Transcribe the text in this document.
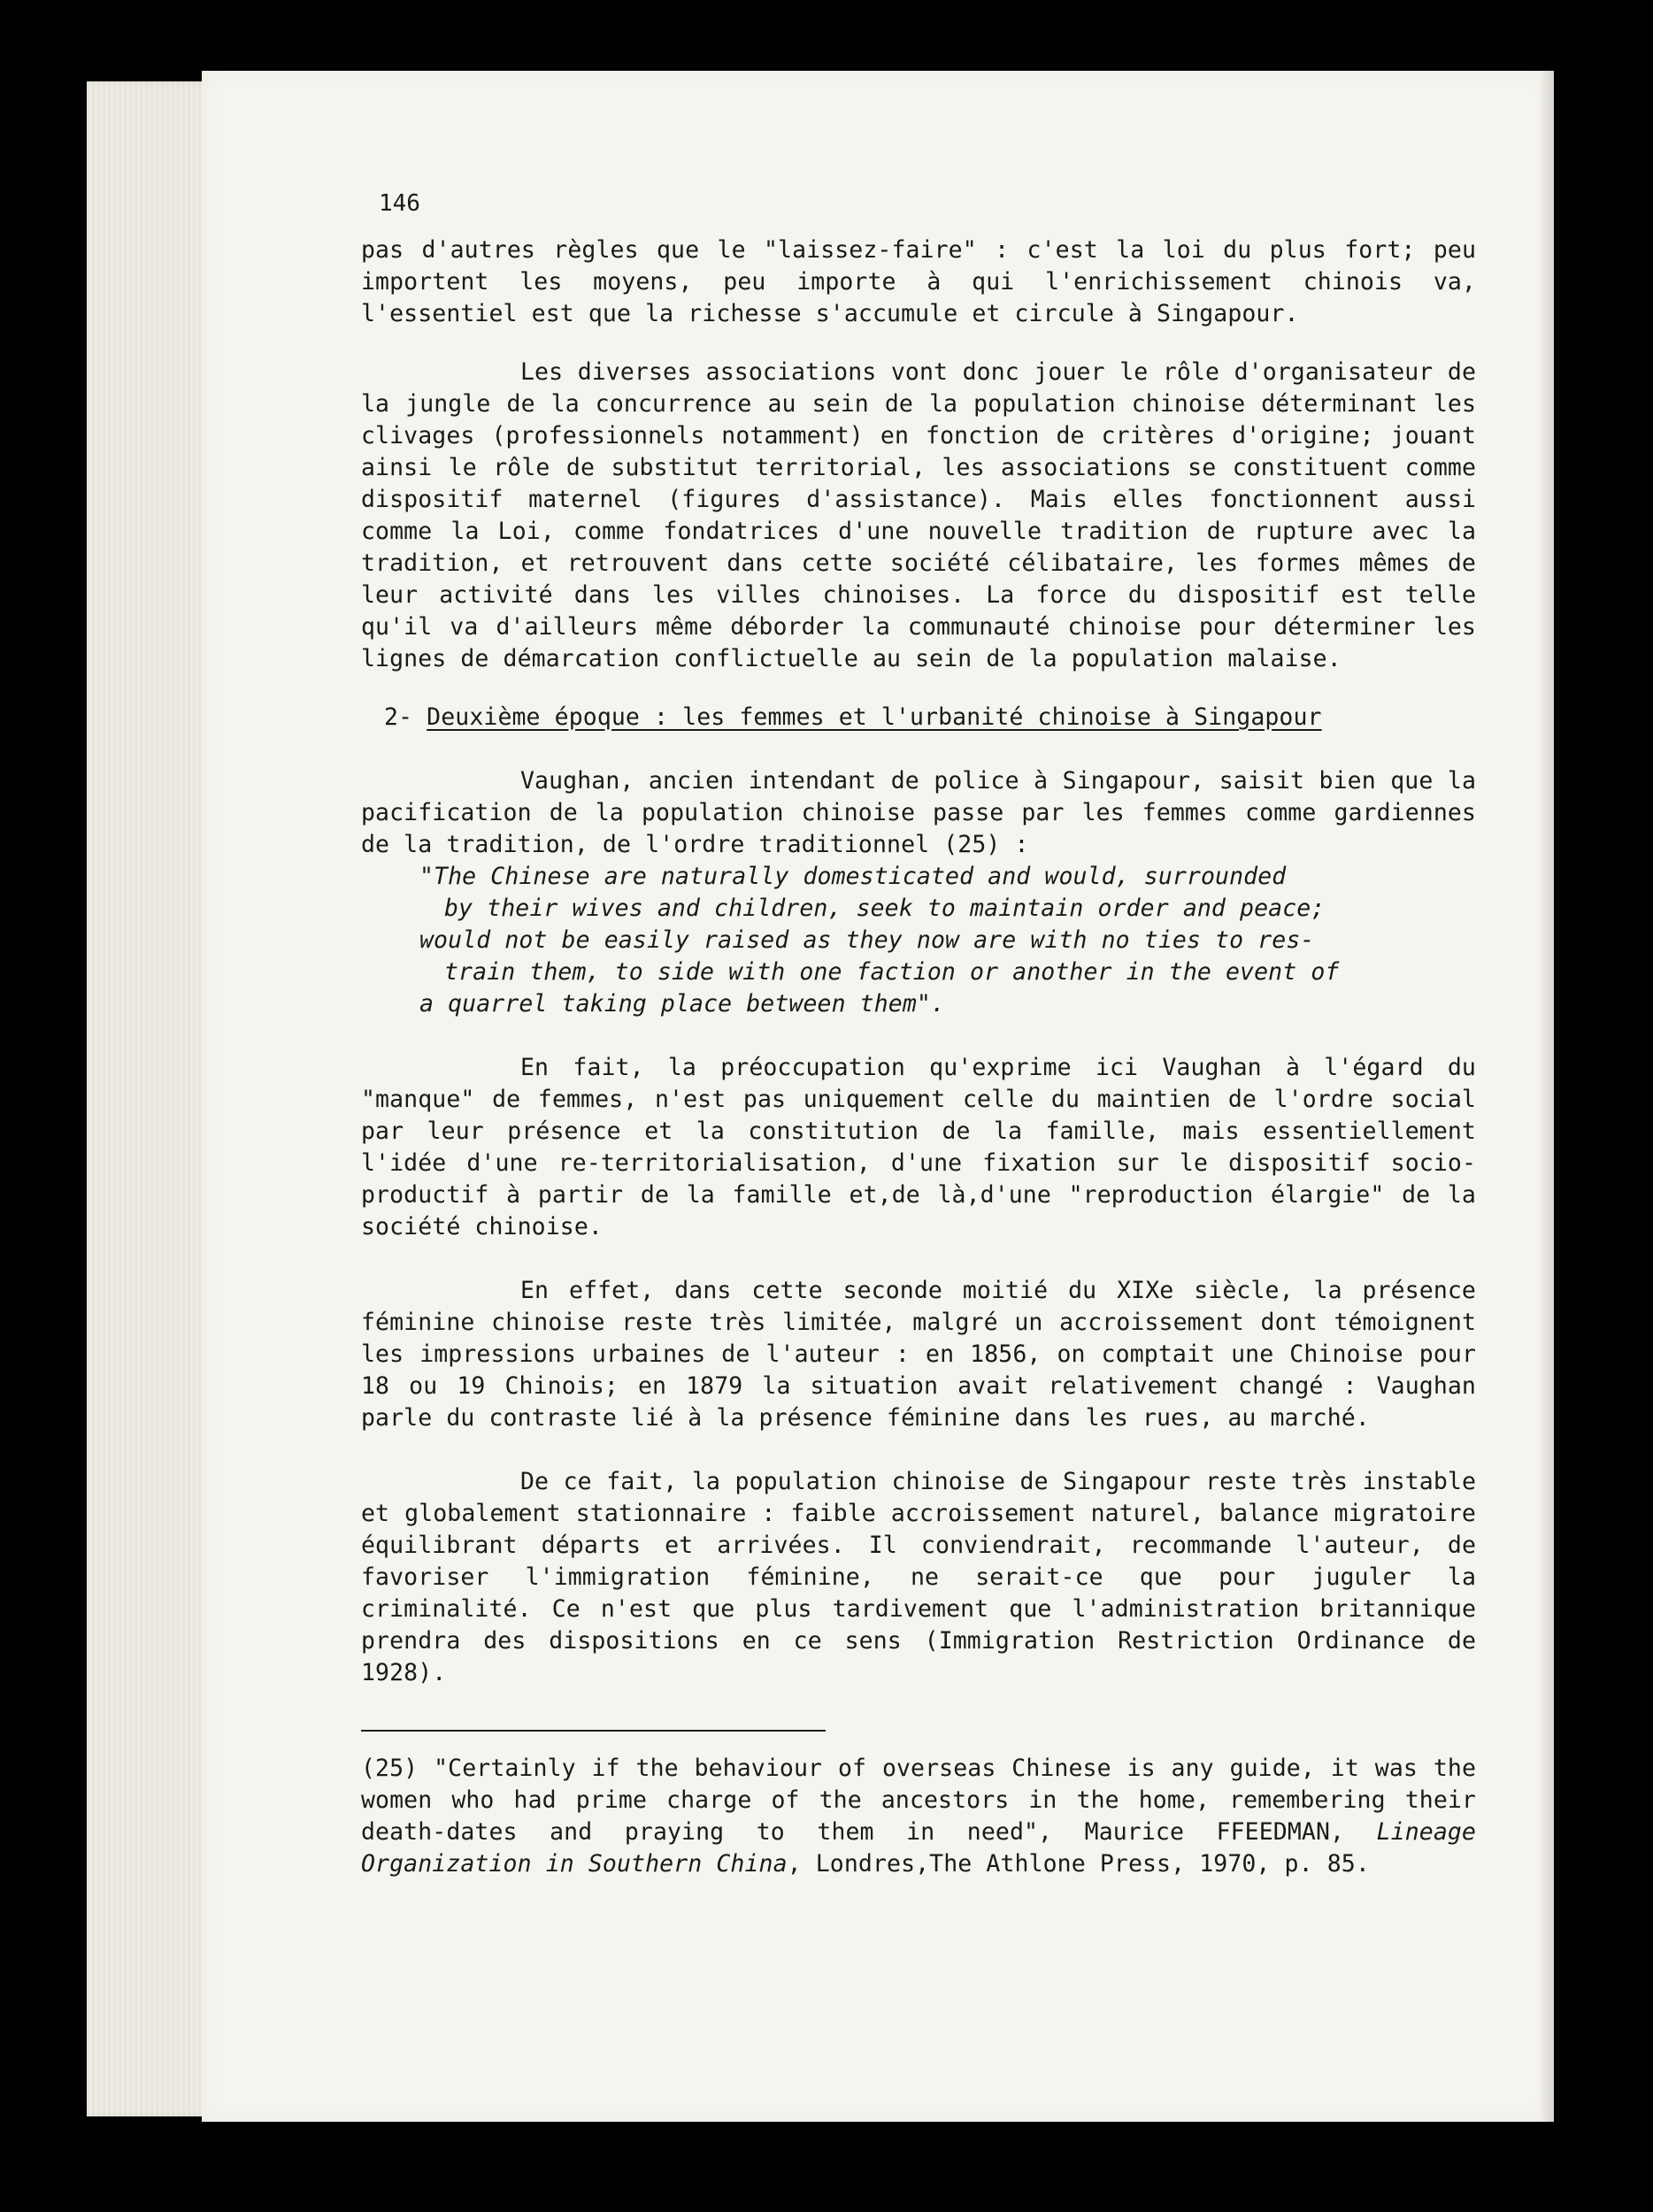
146

pas d'autres règles que le "laissez-faire" : c'est la loi du plus fort; peu importent les moyens, peu importe à qui l'enrichissement chinois va, l'essentiel est que la richesse s'accumule et circule à Singapour.

Les diverses associations vont donc jouer le rôle d'organisateur de la jungle de la concurrence au sein de la population chinoise déterminant les clivages (professionnels notamment) en fonction de critères d'origine; jouant ainsi le rôle de substitut territorial, les associations se constituent comme dispositif maternel (figures d'assistance). Mais elles fonctionnent aussi comme la Loi, comme fondatrices d'une nouvelle tradition de rupture avec la tradition, et retrouvent dans cette société célibataire, les formes mêmes de leur activité dans les villes chinoises. La force du dispositif est telle qu'il va d'ailleurs même déborder la communauté chinoise pour déterminer les lignes de démarcation conflictuelle au sein de la population malaise.

2- Deuxième époque : les femmes et l'urbanité chinoise à Singapour

Vaughan, ancien intendant de police à Singapour, saisit bien que la pacification de la population chinoise passe par les femmes comme gardiennes de la tradition, de l'ordre traditionnel (25) :

"The Chinese are naturally domesticated and would, surrounded
by their wives and children, seek to maintain order and peace;
would not be easily raised as they now are with no ties to res-
train them, to side with one faction or another in the event of
a quarrel taking place between them".

En fait, la préoccupation qu'exprime ici Vaughan à l'égard du "manque" de femmes, n'est pas uniquement celle du maintien de l'ordre social par leur présence et la constitution de la famille, mais essentiellement l'idée d'une re-territorialisation, d'une fixation sur le dispositif socio-productif à partir de la famille et,de là,d'une "reproduction élargie" de la société chinoise.

En effet, dans cette seconde moitié du XIXe siècle, la présence féminine chinoise reste très limitée, malgré un accroissement dont témoignent les impressions urbaines de l'auteur : en 1856, on comptait une Chinoise pour 18 ou 19 Chinois; en 1879 la situation avait relativement changé : Vaughan parle du contraste lié à la présence féminine dans les rues, au marché.

De ce fait, la population chinoise de Singapour reste très instable et globalement stationnaire : faible accroissement naturel, balance migratoire équilibrant départs et arrivées. Il conviendrait, recommande l'auteur, de favoriser l'immigration féminine, ne serait-ce que pour juguler la criminalité. Ce n'est que plus tardivement que l'administration britannique prendra des dispositions en ce sens (Immigration Restriction Ordinance de 1928).

(25) "Certainly if the behaviour of overseas Chinese is any guide, it was the women who had prime charge of the ancestors in the home, remembering their death-dates and praying to them in need", Maurice FFEEDMAN, Lineage Organization in Southern China, Londres,The Athlone Press, 1970, p. 85.
